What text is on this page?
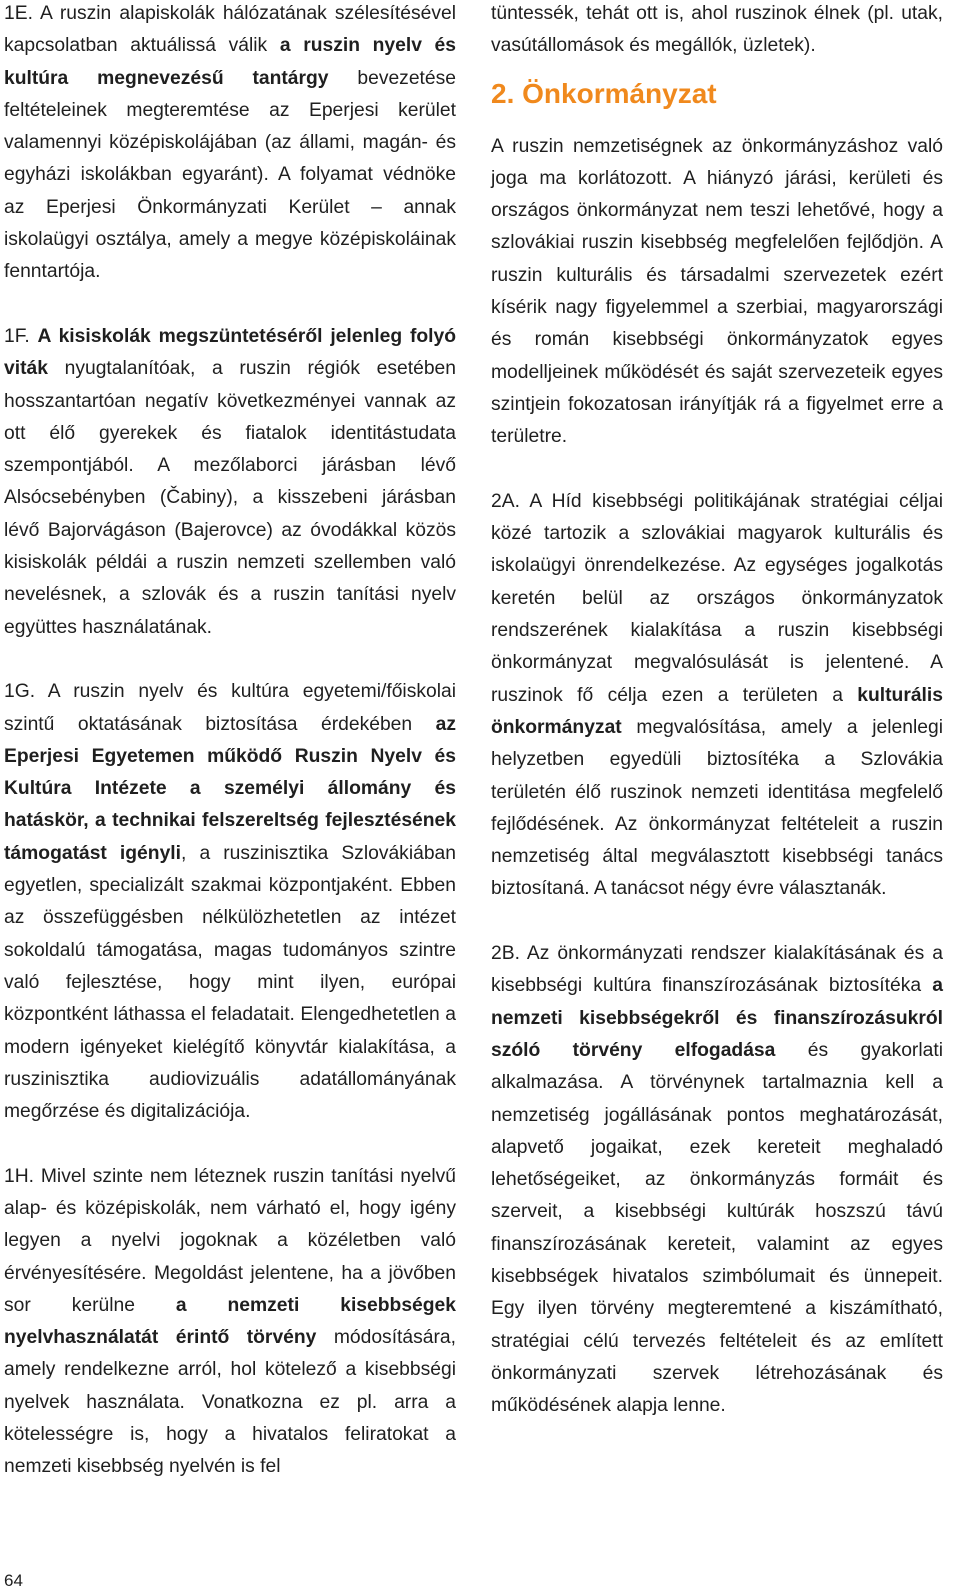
1E. A ruszin alapiskolák hálózatának szélesítésével kapcsolatban aktuálissá válik a ruszin nyelv és kultúra megnevezésű tantárgy bevezetése feltételeinek megteremtése az Eperjesi kerület valamennyi középiskolájában (az állami, magán- és egyházi iskolákban egyaránt). A folyamat védnöke az Eperjesi Önkormányzati Kerület – annak iskolaügyi osztálya, amely a megye középiskoláinak fenntartója.

1F. A kisiskolák megszüntetéséről jelenleg folyó viták nyugtalanítóak, a ruszin régiók esetében hosszantartóan negatív következményei vannak az ott élő gyerekek és fiatalok identitástudata szempontjából. A mezőlaborci járásban lévő Alsócsebényben (Čabiny), a kisszebeni járásban lévő Bajorvágáson (Bajerovce) az óvodákkal közös kisiskolák példái a ruszin nemzeti szellemben való nevelésnek, a szlovák és a ruszin tanítási nyelv együttes használatának.

1G. A ruszin nyelv és kultúra egyetemi/főiskolai szintű oktatásának biztosítása érdekében az Eperjesi Egyetemen működő Ruszin Nyelv és Kultúra Intézete a személyi állomány és hatáskör, a technikai felszereltség fejlesztésének támogatást igényli, a ruszinisztika Szlovákiában egyetlen, specializált szakmai központjaként. Ebben az összefüggésben nélkülözhetetlen az intézet sokoldalú támogatása, magas tudományos szintre való fejlesztése, hogy mint ilyen, európai központként láthassa el feladatait. Elengedhetetlen a modern igényeket kielégítő könyvtár kialakítása, a ruszinisztika audiovizuális adatállományának megőrzése és digitalizációja.

1H. Mivel szinte nem léteznek ruszin tanítási nyelvű alap- és középiskolák, nem várható el, hogy igény legyen a nyelvi jogoknak a közéletben való érvényesítésére. Megoldást jelentene, ha a jövőben sor kerülne a nemzeti kisebbségek nyelvhasználatát érintő törvény módosítására, amely rendelkezne arról, hol kötelező a kisebbségi nyelvek használata. Vonatkozna ez pl. arra a kötelességre is, hogy a hivatalos feliratokat a nemzeti kisebbség nyelvén is fel

tüntessék, tehát ott is, ahol ruszinok élnek (pl. utak, vasútállomások és megállók, üzletek).

2. Önkormányzat

A ruszin nemzetiségnek az önkormányzáshoz való joga ma korlátozott. A hiányzó járási, kerületi és országos önkormányzat nem teszi lehetővé, hogy a szlovákiai ruszin kisebbség megfelelően fejlődjön. A ruszin kulturális és társadalmi szervezetek ezért kísérik nagy figyelemmel a szerbiai, magyarországi és román kisebbségi önkormányzatok egyes modelljeinek működését és saját szervezeteik egyes szintjein fokozatosan irányítják rá a figyelmet erre a területre.

2A. A Híd kisebbségi politikájának stratégiai céljai közé tartozik a szlovákiai magyarok kulturális és iskolaügyi önrendelkezése. Az egységes jogalkotás keretén belül az országos önkormányzatok rendszerének kialakítása a ruszin kisebbségi önkormányzat megvalósulását is jelentené. A ruszinok fő célja ezen a területen a kulturális önkormányzat megvalósítása, amely a jelenlegi helyzetben egyedüli biztosítéka a Szlovákia területén élő ruszinok nemzeti identitása megfelelő fejlődésének. Az önkormányzat feltételeit a ruszin nemzetiség által megválasztott kisebbségi tanács biztosítaná. A tanácsot négy évre választanák.

2B. Az önkormányzati rendszer kialakításának és a kisebbségi kultúra finanszírozásának biztosítéka a nemzeti kisebbségekről és finanszírozásukról szóló törvény elfogadása és gyakorlati alkalmazása. A törvénynek tartalmaznia kell a nemzetiség jogállásának pontos meghatározását, alapvető jogaikat, ezek kereteit meghaladó lehetőségeiket, az önkormányzás formáit és szerveit, a kisebbségi kultúrák hoszszú távú finanszírozásának kereteit, valamint az egyes kisebbségek hivatalos szimbólumait és ünnepeit. Egy ilyen törvény megteremtené a kiszámítható, stratégiai célú tervezés feltételeit és az említett önkormányzati szervek létrehozásának és működésének alapja lenne.

64
